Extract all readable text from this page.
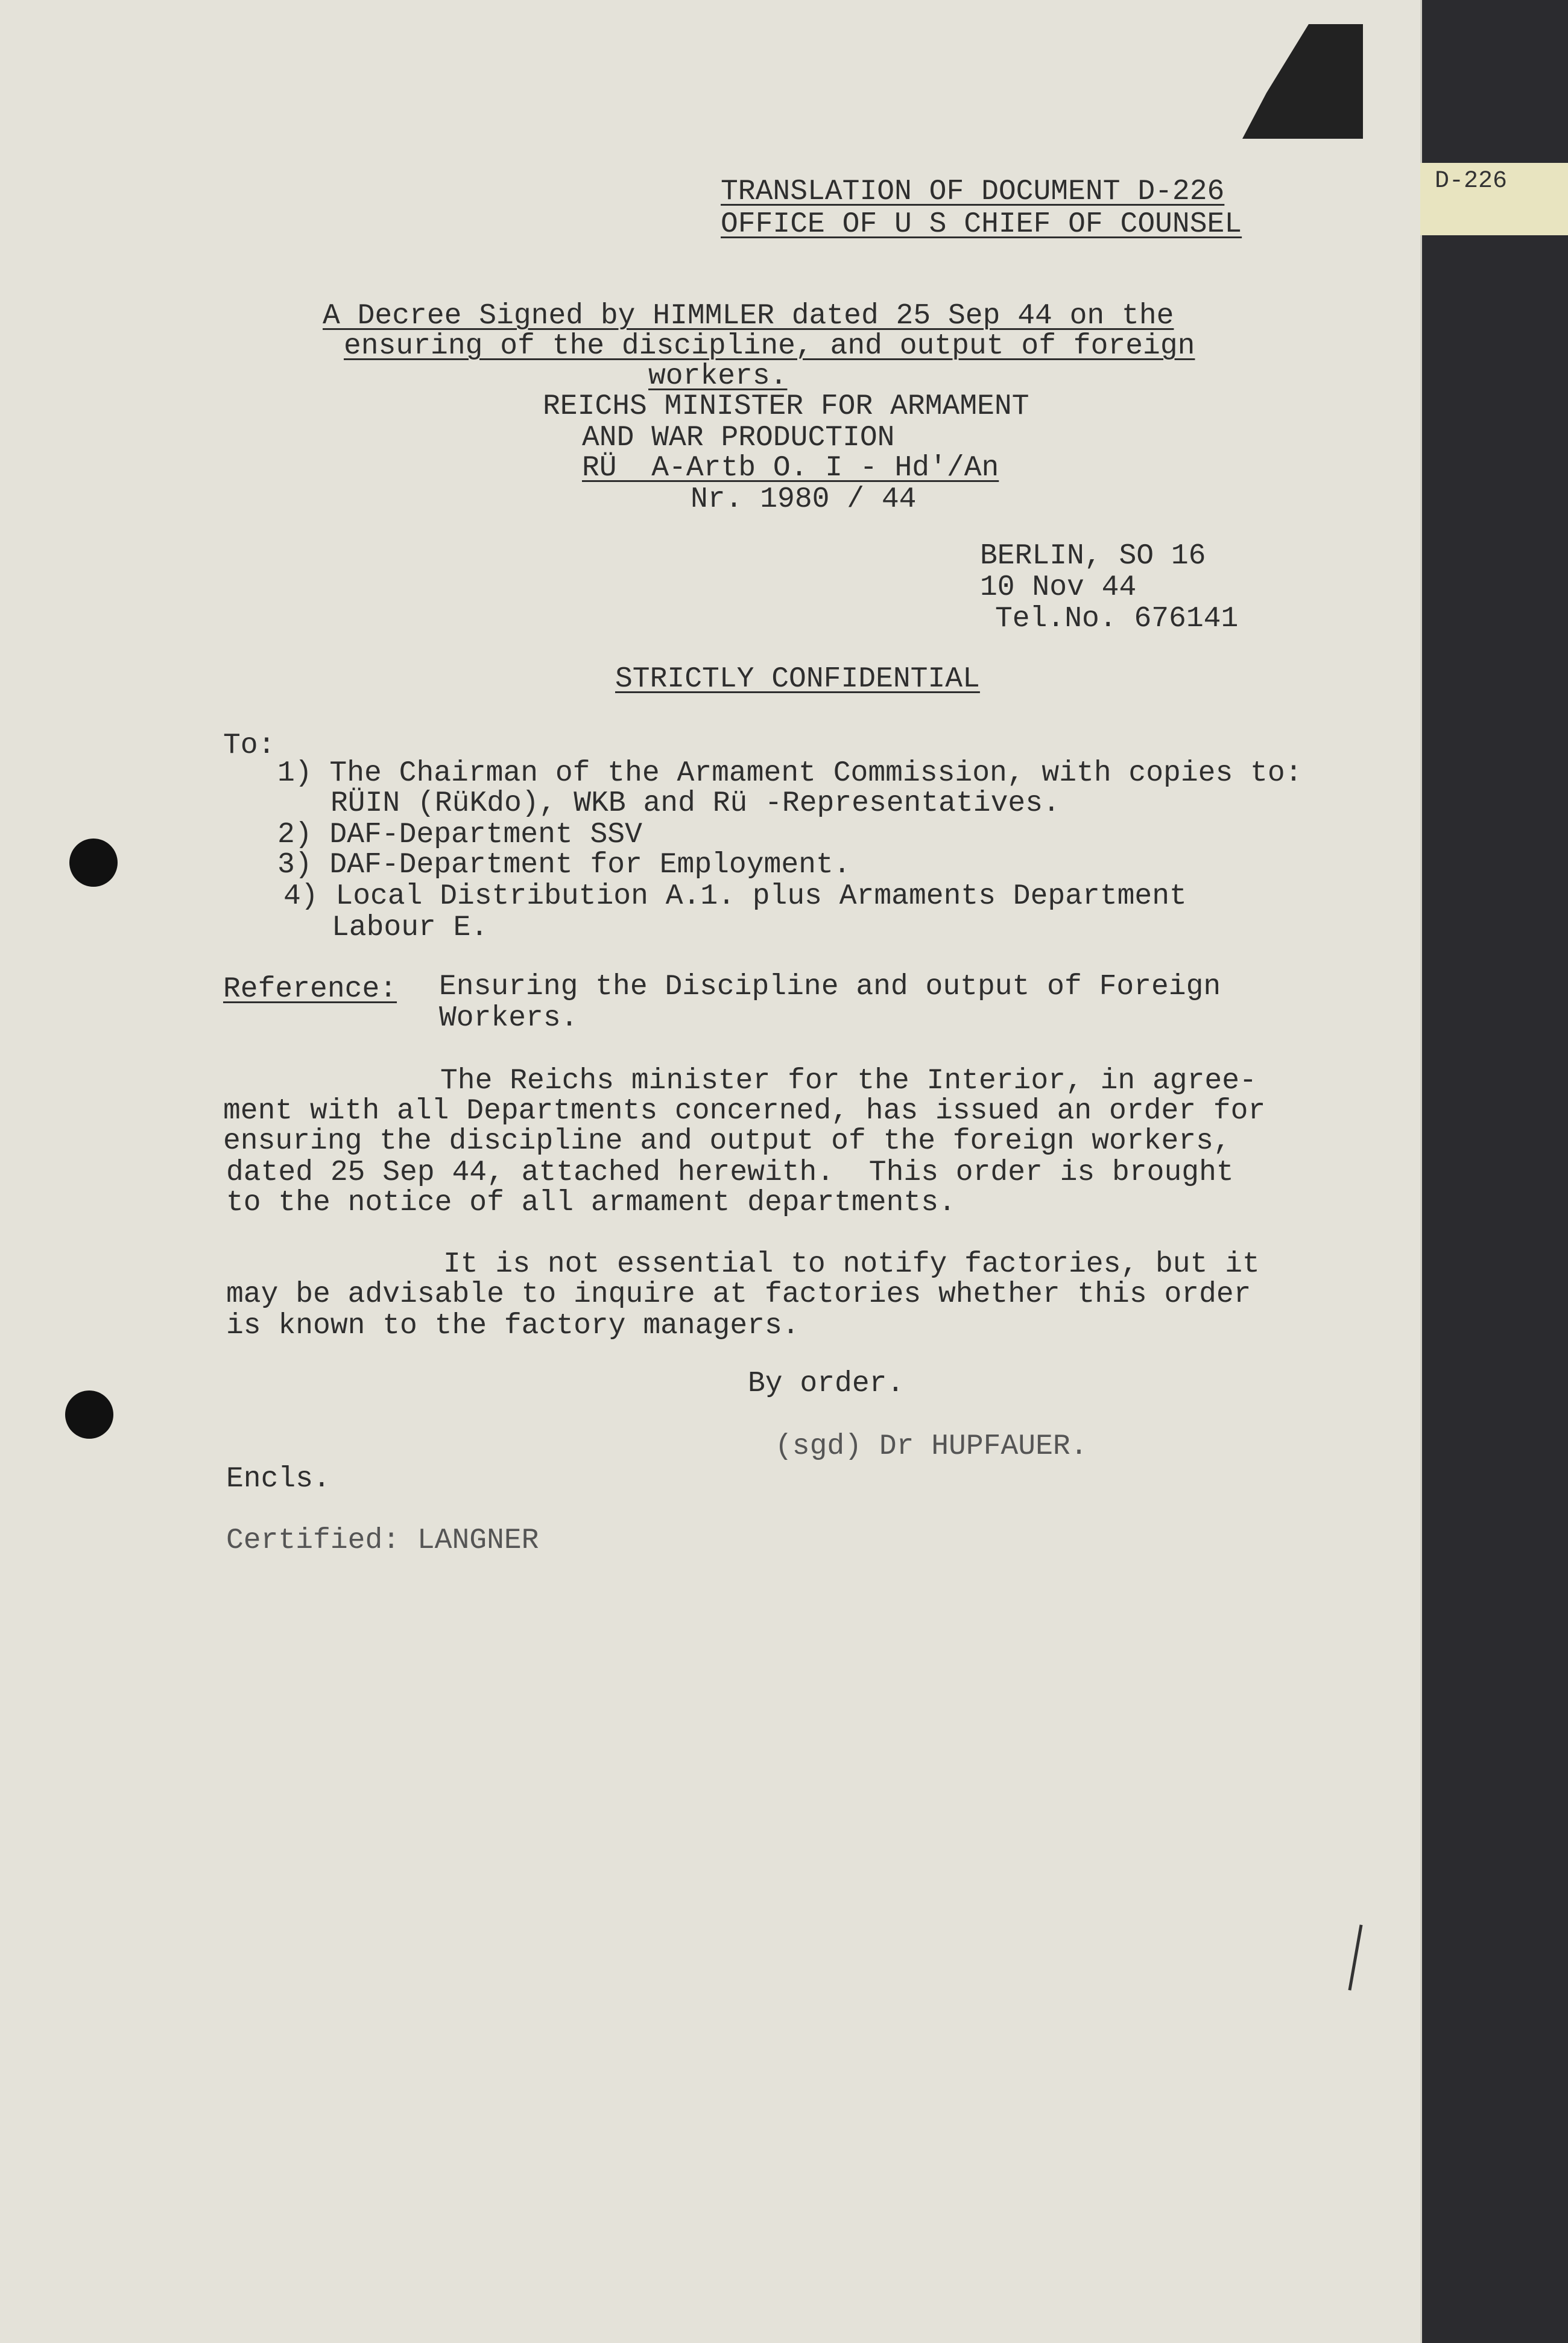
TRANSLATION OF DOCUMENT D-226
OFFICE OF U S CHIEF OF COUNSEL
A Decree Signed by HIMMLER dated 25 Sep 44 on the
ensuring of the discipline, and output of foreign
workers.
REICHS MINISTER FOR ARMAMENT
AND WAR PRODUCTION
RÜ  A-Artb O. I - Hd'/An
Nr. 1980 / 44
BERLIN, SO 16
10 Nov 44
Tel.No. 676141
STRICTLY CONFIDENTIAL
To:
1) The Chairman of the Armament Commission, with copies to:
RÜIN (RüKdo), WKB and Rü -Representatives.
2) DAF-Department SSV
3) DAF-Department for Employment.
4) Local Distribution A.1. plus Armaments Department
Labour E.
Reference: Ensuring the Discipline and output of Foreign
Workers.
The Reichs minister for the Interior, in agree-
ment with all Departments concerned, has issued an order for
ensuring the discipline and output of the foreign workers,
dated 25 Sep 44, attached herewith.  This order is brought
to the notice of all armament departments.
It is not essential to notify factories, but it
may be advisable to inquire at factories whether this order
is known to the factory managers.
By order.
(sgd) Dr HUPFAUER.
Encls.
Certified: LANGNER
D-226
